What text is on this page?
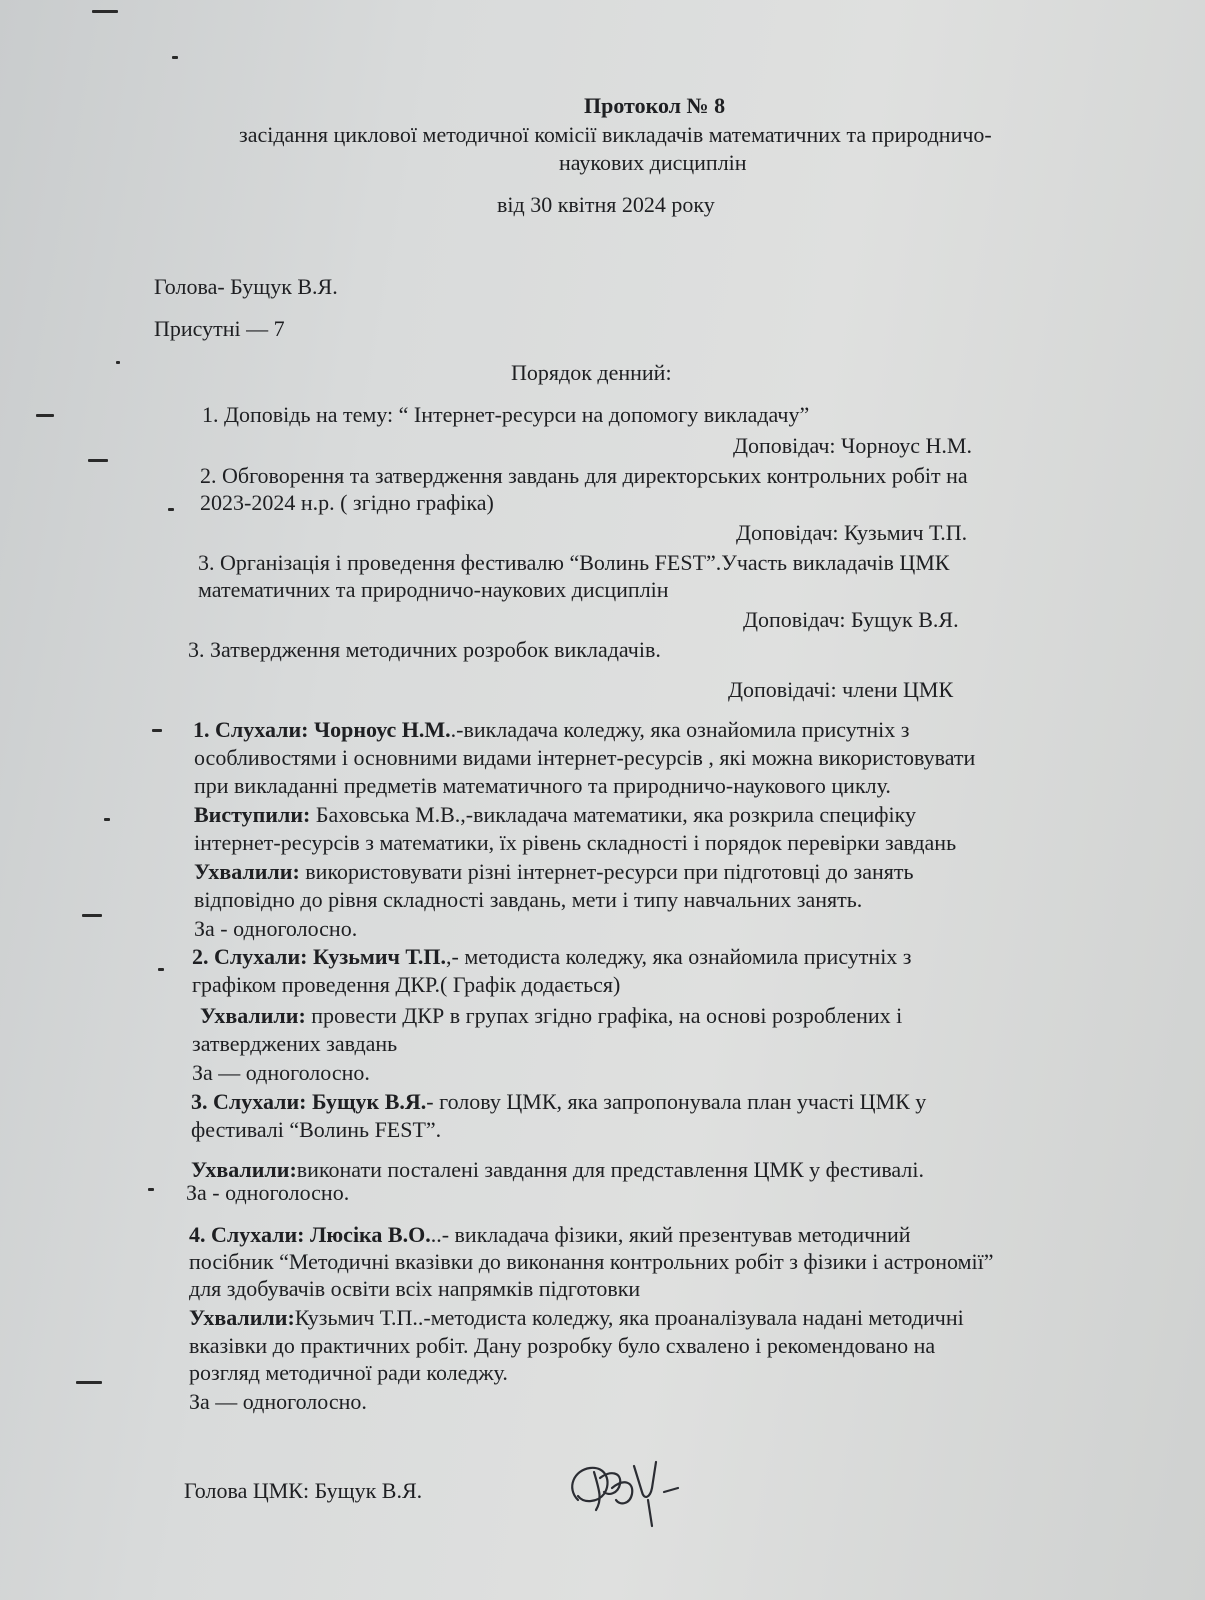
Протокол № 8
засідання циклової методичної комісії викладачів математичних та природничо-
наукових дисциплін
від 30 квітня 2024 року
Голова- Бущук В.Я.
Присутні — 7
Порядок денний:
1. Доповідь на тему: “ Інтернет-ресурси на допомогу викладачу”
Доповідач: Чорноус Н.М.
2. Обговорення та затвердження завдань для директорських контрольних робіт на
2023-2024 н.р. ( згідно графіка)
Доповідач: Кузьмич Т.П.
3. Організація і проведення фестивалю “Волинь FEST”.Участь викладачів ЦМК
математичних та природничо-наукових дисциплін
Доповідач: Бущук В.Я.
3. Затвердження методичних розробок викладачів.
Доповідачі: члени ЦМК
1. Слухали: Чорноус Н.М..-викладача коледжу, яка ознайомила присутніх з
особливостями і основними видами інтернет-ресурсів , які можна використовувати
при викладанні предметів математичного та природничо-наукового циклу.
Виступили: Баховська М.В.,-викладача математики, яка розкрила специфіку
інтернет-ресурсів з математики, їх рівень складності і порядок перевірки завдань
Ухвалили: використовувати різні інтернет-ресурси при підготовці до занять
відповідно до рівня складності завдань, мети і типу навчальних занять.
За - одноголосно.
2. Слухали: Кузьмич Т.П.,- методиста коледжу, яка ознайомила присутніх з
графіком проведення ДКР.( Графік додається)
Ухвалили: провести ДКР в групах згідно графіка, на основі розроблених і
затверджених завдань
За — одноголосно.
3. Слухали: Бущук В.Я.- голову ЦМК, яка запропонувала план участі ЦМК у
фестивалі “Волинь FEST”.
Ухвалили:виконати посталені завдання для представлення ЦМК у фестивалі.
За - одноголосно.
4. Слухали: Люсіка В.О...- викладача фізики, який презентував методичний
посібник “Методичні вказівки до виконання контрольних робіт з фізики і астрономії”
для здобувачів освіти всіх напрямків підготовки
Ухвалили:Кузьмич Т.П..-методиста коледжу, яка проаналізувала надані методичні
вказівки до практичних робіт. Дану розробку було схвалено і рекомендовано на
розгляд методичної ради коледжу.
За — одноголосно.
Голова ЦМК: Бущук В.Я.
